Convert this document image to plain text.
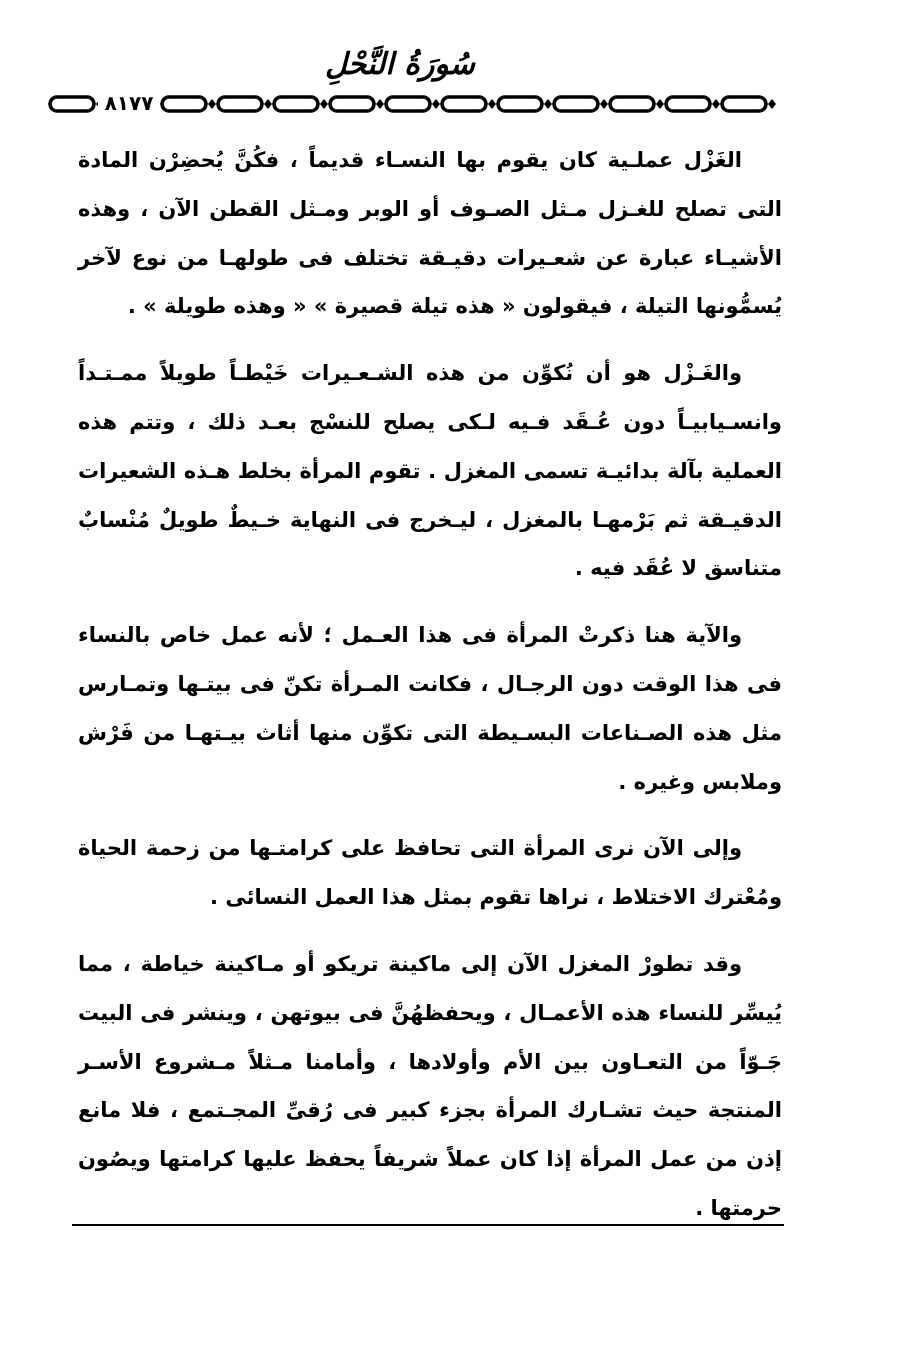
سُورَةُ النَّحْلِ
٨١٧٧

الغَزْل عملـية كان يقوم بها النسـاء قديماً ، فكُنَّ يُحضِرْن المادة التى تصلح للغـزل مـثل الصـوف أو الوبر ومـثل القطن الآن ، وهذه الأشيـاء عبارة عن شعـيرات دقيـقة تختلف فى طولهـا من نوع لآخر يُسمُّونها التيلة ، فيقولون « هذه تيلة قصيرة » « وهذه طويلة » .

والغَـزْل هو أن نُكوِّن من هذه الشـعـيرات خَيْطـاً طويلاً ممـتـداً وانسـيابيـاً دون عُـقَد فـيه لـكى يصلح للنسْج بعـد ذلك ، وتتم هذه العملية بآلة بدائيـة تسمى المغزل . تقوم المرأة بخلط هـذه الشعيرات الدقيـقة ثم بَرْمهـا بالمغزل ، ليـخرج فى النهاية خـيطٌ طويلٌ مُنْسابٌ متناسق لا عُقَد فيه .

والآية هنا ذكرتْ المرأة فى هذا العـمل ؛ لأنه عمل خاص بالنساء فى هذا الوقت دون الرجـال ، فكانت المـرأة تكنّ فى بيتـها وتمـارس مثل هذه الصـناعات البسـيطة التى تكوِّن منها أثاث بيـتهـا من فَرْش وملابس وغيره .

وإلى الآن نرى المرأة التى تحافظ على كرامتـها من زحمة الحياة ومُعْترك الاختلاط ، نراها تقوم بمثل هذا العمل النسائى .

وقد تطورْ المغزل الآن إلى ماكينة تريكو أو مـاكينة خياطة ، مما يُيسِّر للنساء هذه الأعمـال ، ويحفظهُنَّ فى بيوتهن ، وينشر فى البيت جَـوّاً من التعـاون بين الأم وأولادها ، وأمامنا مـثلاً مـشروع الأسـر المنتجة حيث تشـارك المرأة بجزء كبير فى رُقىِّ المجـتمع ، فلا مانع إذن من عمل المرأة إذا كان عملاً شريفاً يحفظ عليها كرامتها ويصُون حرمتها .
